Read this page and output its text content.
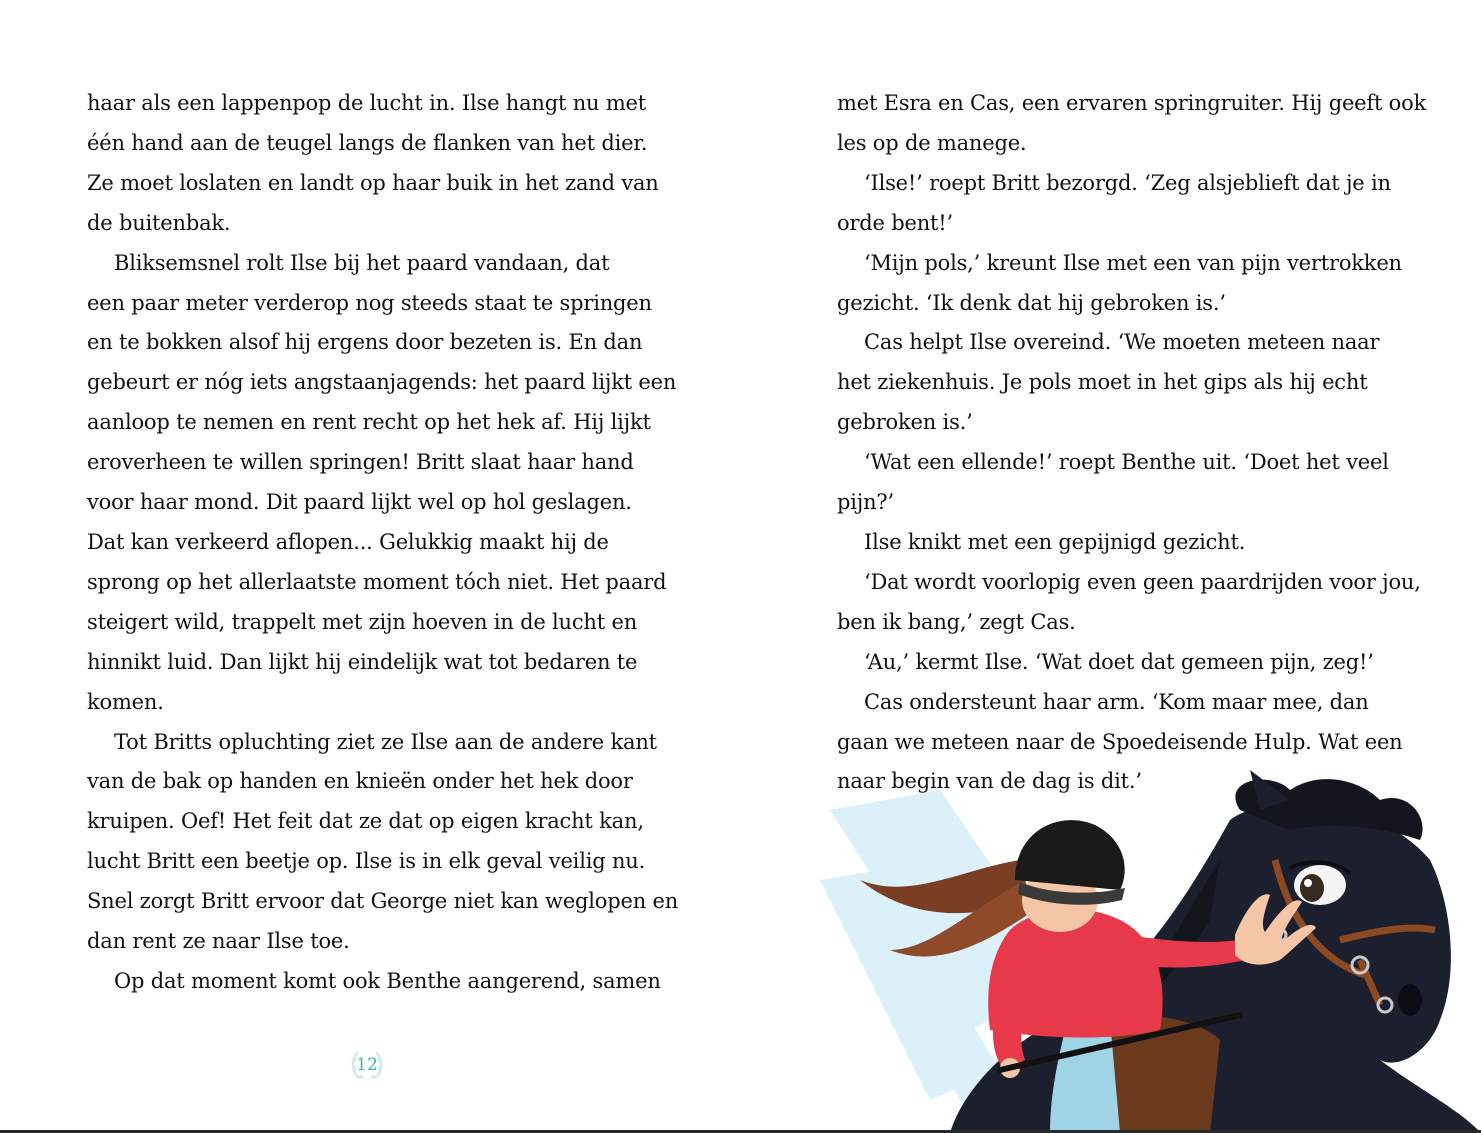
haar als een lappenpop de lucht in. Ilse hangt nu met

één hand aan de teugel langs de flanken van het dier.

Ze moet loslaten en landt op haar buik in het zand van

de buitenbak.

Bliksemsnel rolt Ilse bij het paard vandaan, dat

een paar meter verderop nog steeds staat te springen

en te bokken alsof hij ergens door bezeten is. En dan

gebeurt er nóg iets angstaanjagends: het paard lijkt een

aanloop te nemen en rent recht op het hek af. Hij lijkt

eroverheen te willen springen! Britt slaat haar hand

voor haar mond. Dit paard lijkt wel op hol geslagen.

Dat kan verkeerd aflopen... Gelukkig maakt hij de

sprong op het allerlaatste moment tóch niet. Het paard

steigert wild, trappelt met zijn hoeven in de lucht en

hinnikt luid. Dan lijkt hij eindelijk wat tot bedaren te

komen.

Tot Britts opluchting ziet ze Ilse aan de andere kant

van de bak op handen en knieën onder het hek door

kruipen. Oef! Het feit dat ze dat op eigen kracht kan,

lucht Britt een beetje op. Ilse is in elk geval veilig nu.

Snel zorgt Britt ervoor dat George niet kan weglopen en

dan rent ze naar Ilse toe.

Op dat moment komt ook Benthe aangerend, samen

12

met Esra en Cas, een ervaren springruiter. Hij geeft ook

les op de manege.

‘Ilse!’ roept Britt bezorgd. ‘Zeg alsjeblieft dat je in

orde bent!’

‘Mijn pols,’ kreunt Ilse met een van pijn vertrokken

gezicht. ‘Ik denk dat hij gebroken is.’

Cas helpt Ilse overeind. ‘We moeten meteen naar

het ziekenhuis. Je pols moet in het gips als hij echt

gebroken is.’

‘Wat een ellende!’ roept Benthe uit. ‘Doet het veel

pijn?’

Ilse knikt met een gepijnigd gezicht.

‘Dat wordt voorlopig even geen paardrijden voor jou,

ben ik bang,’ zegt Cas.

‘Au,’ kermt Ilse. ‘Wat doet dat gemeen pijn, zeg!’

Cas ondersteunt haar arm. ‘Kom maar mee, dan

gaan we meteen naar de Spoedeisende Hulp. Wat een

naar begin van de dag is dit.’
